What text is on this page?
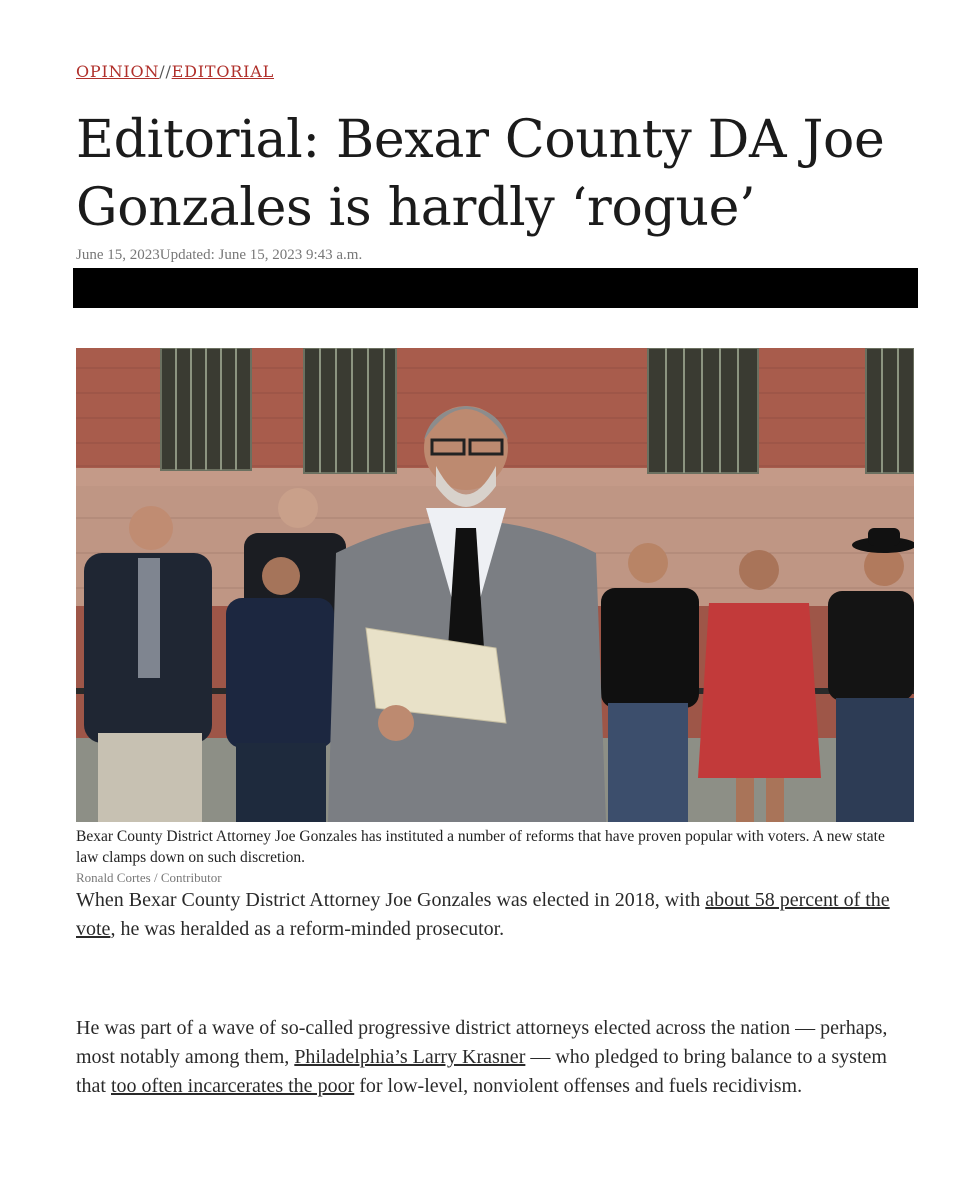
OPINION//EDITORIAL
Editorial: Bexar County DA Joe Gonzales is hardly ‘rogue’
June 15, 2023Updated: June 15, 2023 9:43 a.m.
Bexar County District Attorney Joe Gonzales has instituted a number of reforms that have proven popular with voters. A new state law clamps down on such discretion.
Ronald Cortes / Contributor

When Bexar County District Attorney Joe Gonzales was elected in 2018, with about 58 percent of the vote, he was heralded as a reform-minded prosecutor.

He was part of a wave of so-called progressive district attorneys elected across the nation — perhaps, most notably among them, Philadelphia’s Larry Krasner — who pledged to bring balance to a system that too often incarcerates the poor for low-level, nonviolent offenses and fuels recidivism.
